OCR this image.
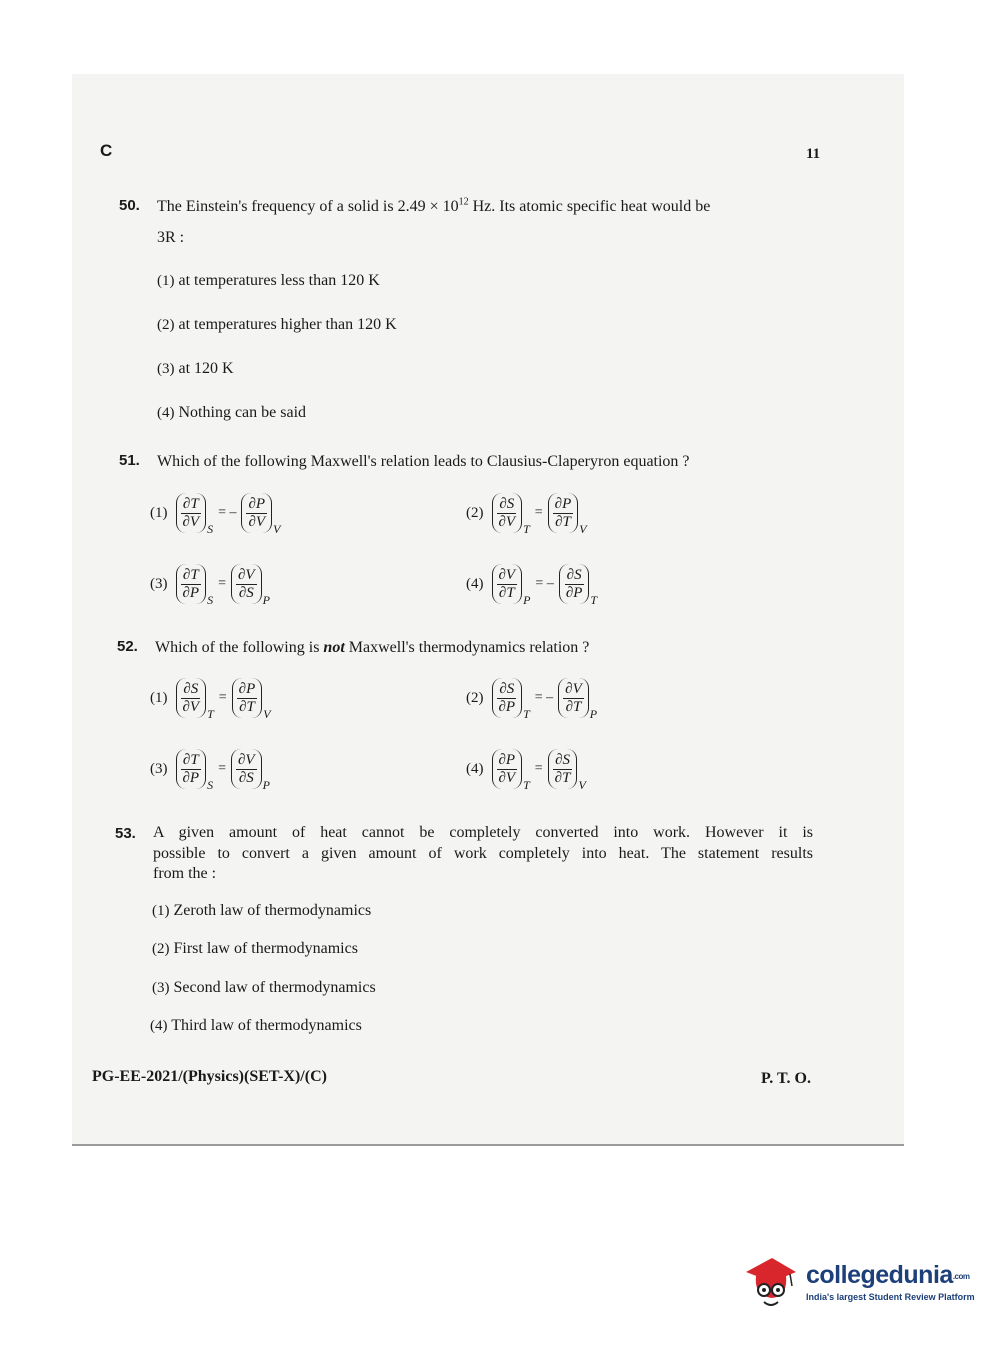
C	11
50. The Einstein's frequency of a solid is $2.49 \times 10^{12}$ Hz. Its atomic specific heat would be
3R :
(1) at temperatures less than 120 K
(2) at temperatures higher than 120 K
(3) at 120 K
(4) Nothing can be said
51. Which of the following Maxwell's relation leads to Clausius-Claperyron equation ?
$(1) \frac{\partial T}{\partial V}$ S
= – $\frac{\partial P}{\partial V}$ V
$(2) \frac{\partial S}{\partial V}$ T
= $\frac{\partial P}{\partial T}$ V
$(3) \frac{\partial T}{\partial P}$ S
= $\frac{\partial V}{\partial S}$ P
$(4) \frac{\partial V}{\partial T}$ P
= – $\frac{\partial S}{\partial P}$ T
52. Which of the following is not Maxwell's thermodynamics relation ?
$(1) \frac{\partial S}{\partial V}$ T
= $\frac{\partial P}{\partial T}$ V
$(2) \frac{\partial S}{\partial P}$ T
= – $\frac{\partial V}{\partial T}$ P
$(3) \frac{\partial T}{\partial P}$ S
= $\frac{\partial V}{\partial S}$ P
$(4) \frac{\partial P}{\partial V}$ T
= $\frac{\partial S}{\partial T}$ V
53. A given amount of heat cannot be completely converted into work. However it is
possible to convert a given amount of work completely into heat. The statement results
from the :
(1) Zeroth law of thermodynamics
(2) First law of thermodynamics
(3) Second law of thermodynamics
(4) Third law of thermodynamics
PG-EE-2021/(Physics)(SET-X)/(C)	P. T. O.
collegedunia.com
India's largest Student Review Platform
